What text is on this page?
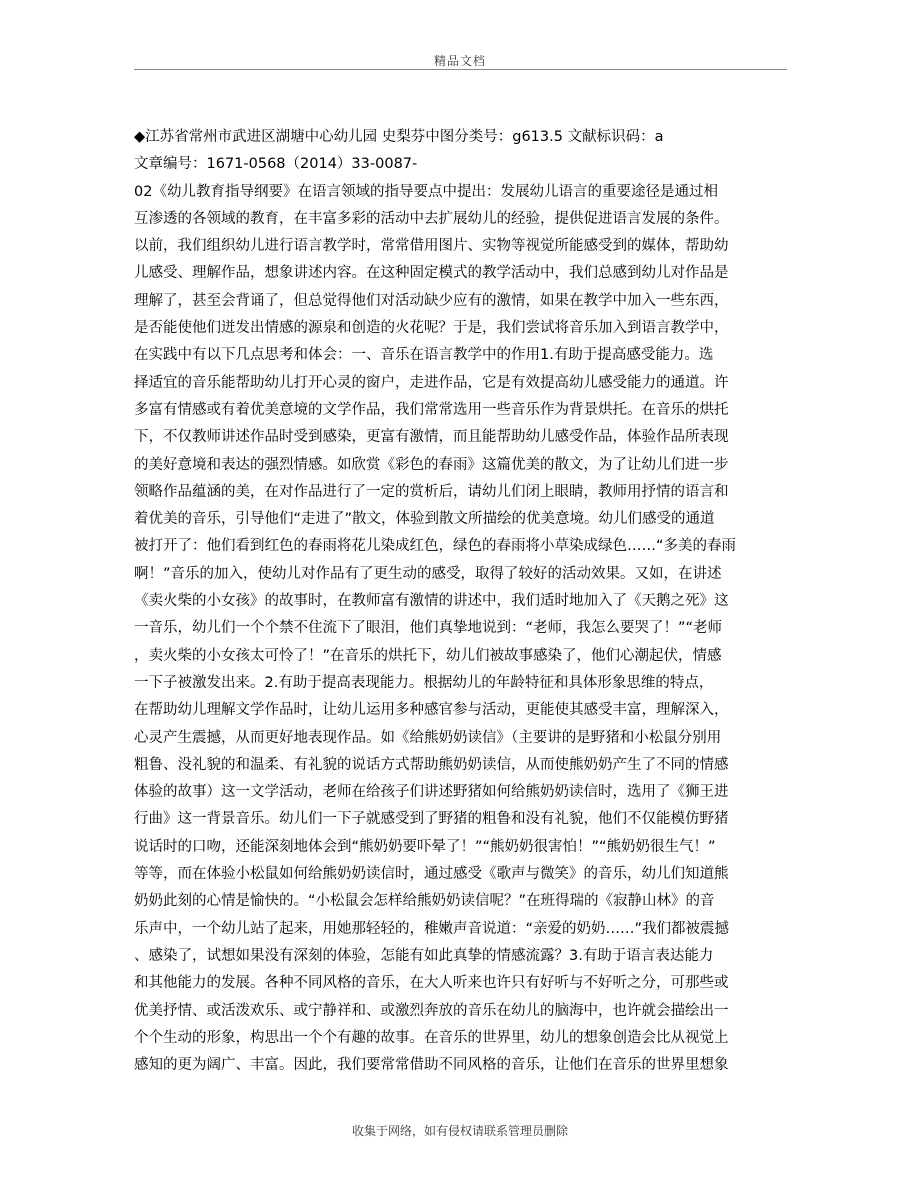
精品文档
◆江苏省常州市武进区湖塘中心幼儿园 史梨芬中图分类号：g613.5 文献标识码：a
文章编号：1671-0568（2014）33-0087-
02《幼儿教育指导纲要》在语言领域的指导要点中提出：发展幼儿语言的重要途径是通过相
互渗透的各领域的教育，在丰富多彩的活动中去扩展幼儿的经验，提供促进语言发展的条件。
以前，我们组织幼儿进行语言教学时，常常借用图片、实物等视觉所能感受到的媒体，帮助幼
儿感受、理解作品，想象讲述内容。在这种固定模式的教学活动中，我们总感到幼儿对作品是
理解了，甚至会背诵了，但总觉得他们对活动缺少应有的激情，如果在教学中加入一些东西，
是否能使他们迸发出情感的源泉和创造的火花呢？于是，我们尝试将音乐加入到语言教学中，
在实践中有以下几点思考和体会：一、音乐在语言教学中的作用1.有助于提高感受能力。选
择适宜的音乐能帮助幼儿打开心灵的窗户，走进作品，它是有效提高幼儿感受能力的通道。许
多富有情感或有着优美意境的文学作品，我们常常选用一些音乐作为背景烘托。在音乐的烘托
下，不仅教师讲述作品时受到感染，更富有激情，而且能帮助幼儿感受作品，体验作品所表现
的美好意境和表达的强烈情感。如欣赏《彩色的春雨》这篇优美的散文，为了让幼儿们进一步
领略作品蕴涵的美，在对作品进行了一定的赏析后，请幼儿们闭上眼睛，教师用抒情的语言和
着优美的音乐，引导他们“走进了”散文，体验到散文所描绘的优美意境。幼儿们感受的通道
被打开了：他们看到红色的春雨将花儿染成红色，绿色的春雨将小草染成绿色……“多美的春雨
啊！”音乐的加入，使幼儿对作品有了更生动的感受，取得了较好的活动效果。又如，在讲述
《卖火柴的小女孩》的故事时，在教师富有激情的讲述中，我们适时地加入了《天鹅之死》这
一音乐，幼儿们一个个禁不住流下了眼泪，他们真挚地说到：“老师，我怎么要哭了！”“老师
，卖火柴的小女孩太可怜了！”在音乐的烘托下，幼儿们被故事感染了，他们心潮起伏，情感
一下子被激发出来。2.有助于提高表现能力。根据幼儿的年龄特征和具体形象思维的特点，
在帮助幼儿理解文学作品时，让幼儿运用多种感官参与活动，更能使其感受丰富，理解深入，
心灵产生震撼，从而更好地表现作品。如《给熊奶奶读信》（主要讲的是野猪和小松鼠分别用
粗鲁、没礼貌的和温柔、有礼貌的说话方式帮助熊奶奶读信，从而使熊奶奶产生了不同的情感
体验的故事）这一文学活动，老师在给孩子们讲述野猪如何给熊奶奶读信时，选用了《狮王进
行曲》这一背景音乐。幼儿们一下子就感受到了野猪的粗鲁和没有礼貌，他们不仅能模仿野猪
说话时的口吻，还能深刻地体会到“熊奶奶要吓晕了！”“熊奶奶很害怕！”“熊奶奶很生气！”
等等，而在体验小松鼠如何给熊奶奶读信时，通过感受《歌声与微笑》的音乐，幼儿们知道熊
奶奶此刻的心情是愉快的。“小松鼠会怎样给熊奶奶读信呢？”在班得瑞的《寂静山林》的音
乐声中，一个幼儿站了起来，用她那轻轻的，稚嫩声音说道：“亲爱的奶奶……”我们都被震撼
、感染了，试想如果没有深刻的体验，怎能有如此真挚的情感流露？3.有助于语言表达能力
和其他能力的发展。各种不同风格的音乐，在大人听来也许只有好听与不好听之分，可那些或
优美抒情、或活泼欢乐、或宁静祥和、或激烈奔放的音乐在幼儿的脑海中，也许就会描绘出一
个个生动的形象，构思出一个个有趣的故事。在音乐的世界里，幼儿的想象创造会比从视觉上
感知的更为阔广、丰富。因此，我们要常常借助不同风格的音乐，让他们在音乐的世界里想象
收集于网络，如有侵权请联系管理员删除
